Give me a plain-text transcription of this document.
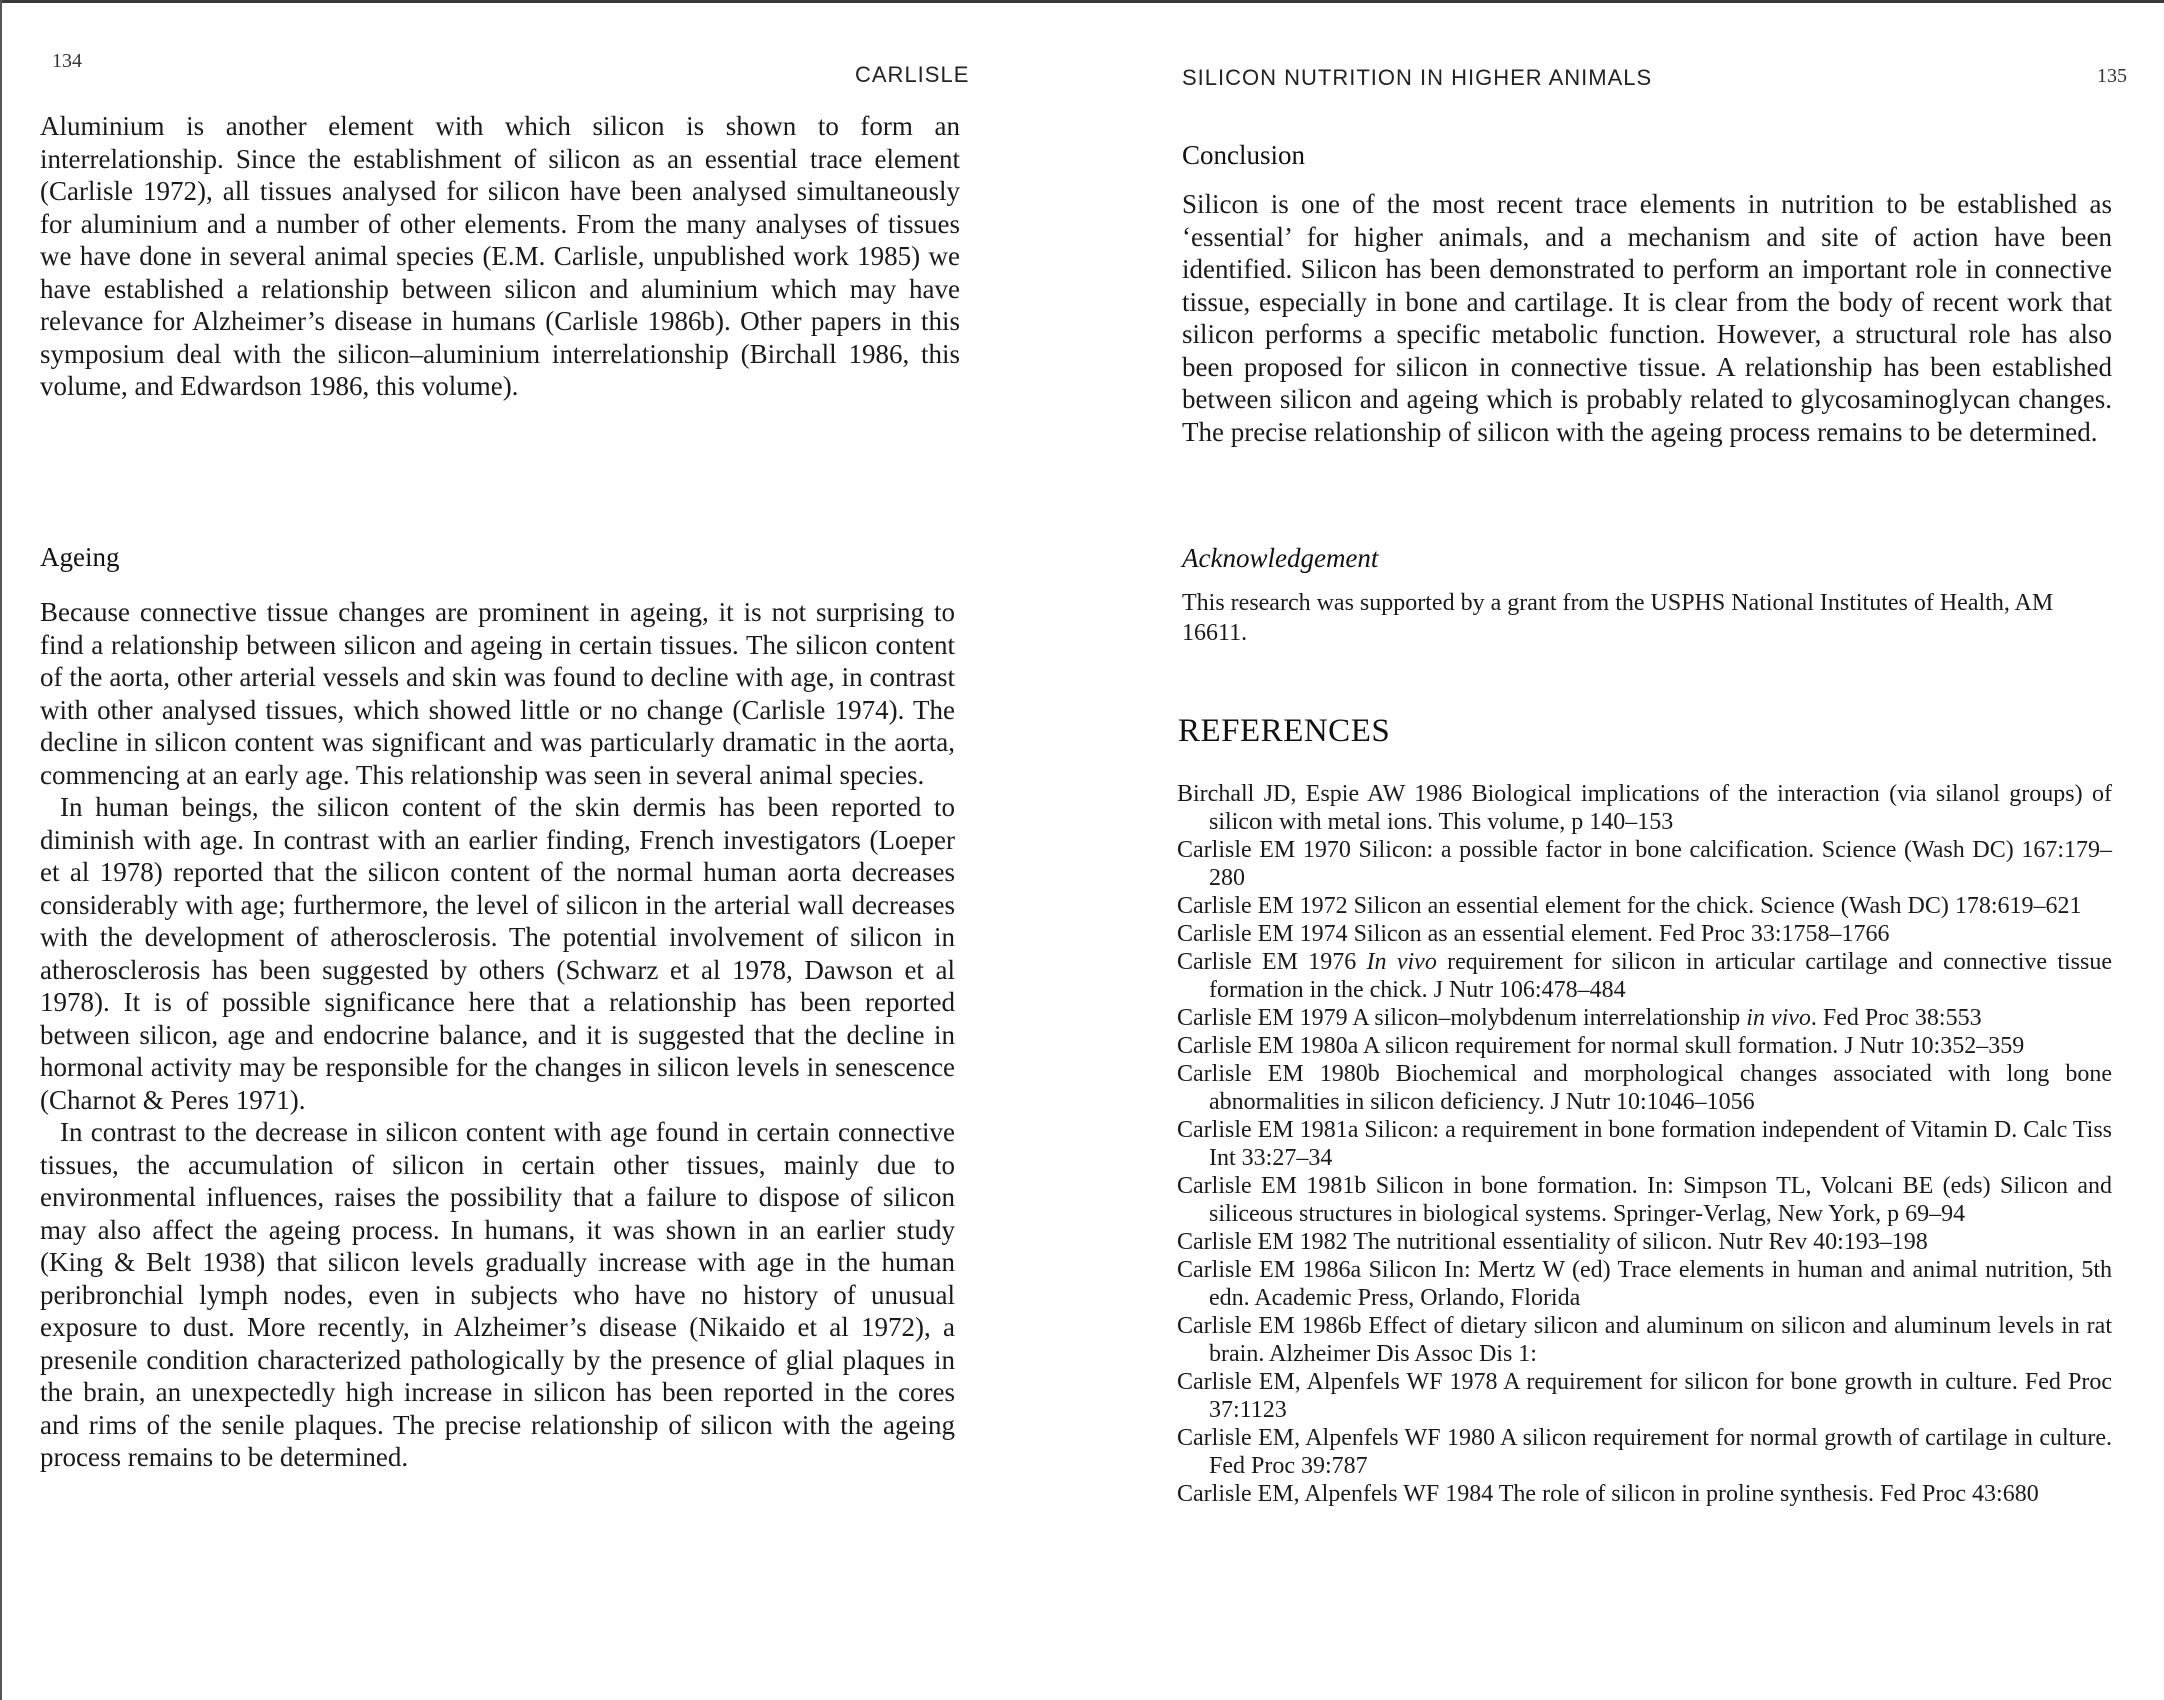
134
CARLISLE

Aluminium is another element with which silicon is shown to form an interrelationship. Since the establishment of silicon as an essential trace element (Carlisle 1972), all tissues analysed for silicon have been analysed simultaneously for aluminium and a number of other elements. From the many analyses of tissues we have done in several animal species (E.M. Carlisle, unpublished work 1985) we have established a relationship between silicon and aluminium which may have relevance for Alzheimer’s disease in humans (Carlisle 1986b). Other papers in this symposium deal with the silicon–aluminium interrelationship (Birchall 1986, this volume, and Edwardson 1986, this volume).

Ageing

Because connective tissue changes are prominent in ageing, it is not surprising to find a relationship between silicon and ageing in certain tissues. The silicon content of the aorta, other arterial vessels and skin was found to decline with age, in contrast with other analysed tissues, which showed little or no change (Carlisle 1974). The decline in silicon content was significant and was particularly dramatic in the aorta, commencing at an early age. This relationship was seen in several animal species.

In human beings, the silicon content of the skin dermis has been reported to diminish with age. In contrast with an earlier finding, French investigators (Loeper et al 1978) reported that the silicon content of the normal human aorta decreases considerably with age; furthermore, the level of silicon in the arterial wall decreases with the development of atherosclerosis. The potential involvement of silicon in atherosclerosis has been suggested by others (Schwarz et al 1978, Dawson et al 1978). It is of possible significance here that a relationship has been reported between silicon, age and endocrine balance, and it is suggested that the decline in hormonal activity may be responsible for the changes in silicon levels in senescence (Charnot & Peres 1971).

In contrast to the decrease in silicon content with age found in certain connective tissues, the accumulation of silicon in certain other tissues, mainly due to environmental influences, raises the possibility that a failure to dispose of silicon may also affect the ageing process. In humans, it was shown in an earlier study (King & Belt 1938) that silicon levels gradually increase with age in the human peribronchial lymph nodes, even in subjects who have no history of unusual exposure to dust. More recently, in Alzheimer’s disease (Nikaido et al 1972), a presenile condition characterized pathologically by the presence of glial plaques in the brain, an unexpectedly high increase in silicon has been reported in the cores and rims of the senile plaques. The precise relationship of silicon with the ageing process remains to be determined.

SILICON NUTRITION IN HIGHER ANIMALS	135
Conclusion

Silicon is one of the most recent trace elements in nutrition to be established as ‘essential’ for higher animals, and a mechanism and site of action have been identified. Silicon has been demonstrated to perform an important role in connective tissue, especially in bone and cartilage. It is clear from the body of recent work that silicon performs a specific metabolic function. However, a structural role has also been proposed for silicon in connective tissue. A relationship has been established between silicon and ageing which is probably related to glycosaminoglycan changes. The precise relationship of silicon with the ageing process remains to be determined.

Acknowledgement
This research was supported by a grant from the USPHS National Institutes of Health, AM 16611.
REFERENCES
Birchall JD, Espie AW 1986 Biological implications of the interaction (via silanol groups) of silicon with metal ions. This volume, p 140–153
Carlisle EM 1970 Silicon: a possible factor in bone calcification. Science (Wash DC) 167:179–280
Carlisle EM 1972 Silicon an essential element for the chick. Science (Wash DC) 178:619–621
Carlisle EM 1974 Silicon as an essential element. Fed Proc 33:1758–1766
Carlisle EM 1976 In vivo requirement for silicon in articular cartilage and connective tissue formation in the chick. J Nutr 106:478–484
Carlisle EM 1979 A silicon–molybdenum interrelationship in vivo. Fed Proc 38:553
Carlisle EM 1980a A silicon requirement for normal skull formation. J Nutr 10:352–359
Carlisle EM 1980b Biochemical and morphological changes associated with long bone abnormalities in silicon deficiency. J Nutr 10:1046–1056
Carlisle EM 1981a Silicon: a requirement in bone formation independent of Vitamin D. Calc Tiss Int 33:27–34
Carlisle EM 1981b Silicon in bone formation. In: Simpson TL, Volcani BE (eds) Silicon and siliceous structures in biological systems. Springer-Verlag, New York, p 69–94
Carlisle EM 1982 The nutritional essentiality of silicon. Nutr Rev 40:193–198
Carlisle EM 1986a Silicon In: Mertz W (ed) Trace elements in human and animal nutrition, 5th edn. Academic Press, Orlando, Florida
Carlisle EM 1986b Effect of dietary silicon and aluminum on silicon and aluminum levels in rat brain. Alzheimer Dis Assoc Dis 1:
Carlisle EM, Alpenfels WF 1978 A requirement for silicon for bone growth in culture. Fed Proc 37:1123
Carlisle EM, Alpenfels WF 1980 A silicon requirement for normal growth of cartilage in culture. Fed Proc 39:787
Carlisle EM, Alpenfels WF 1984 The role of silicon in proline synthesis. Fed Proc 43:680
